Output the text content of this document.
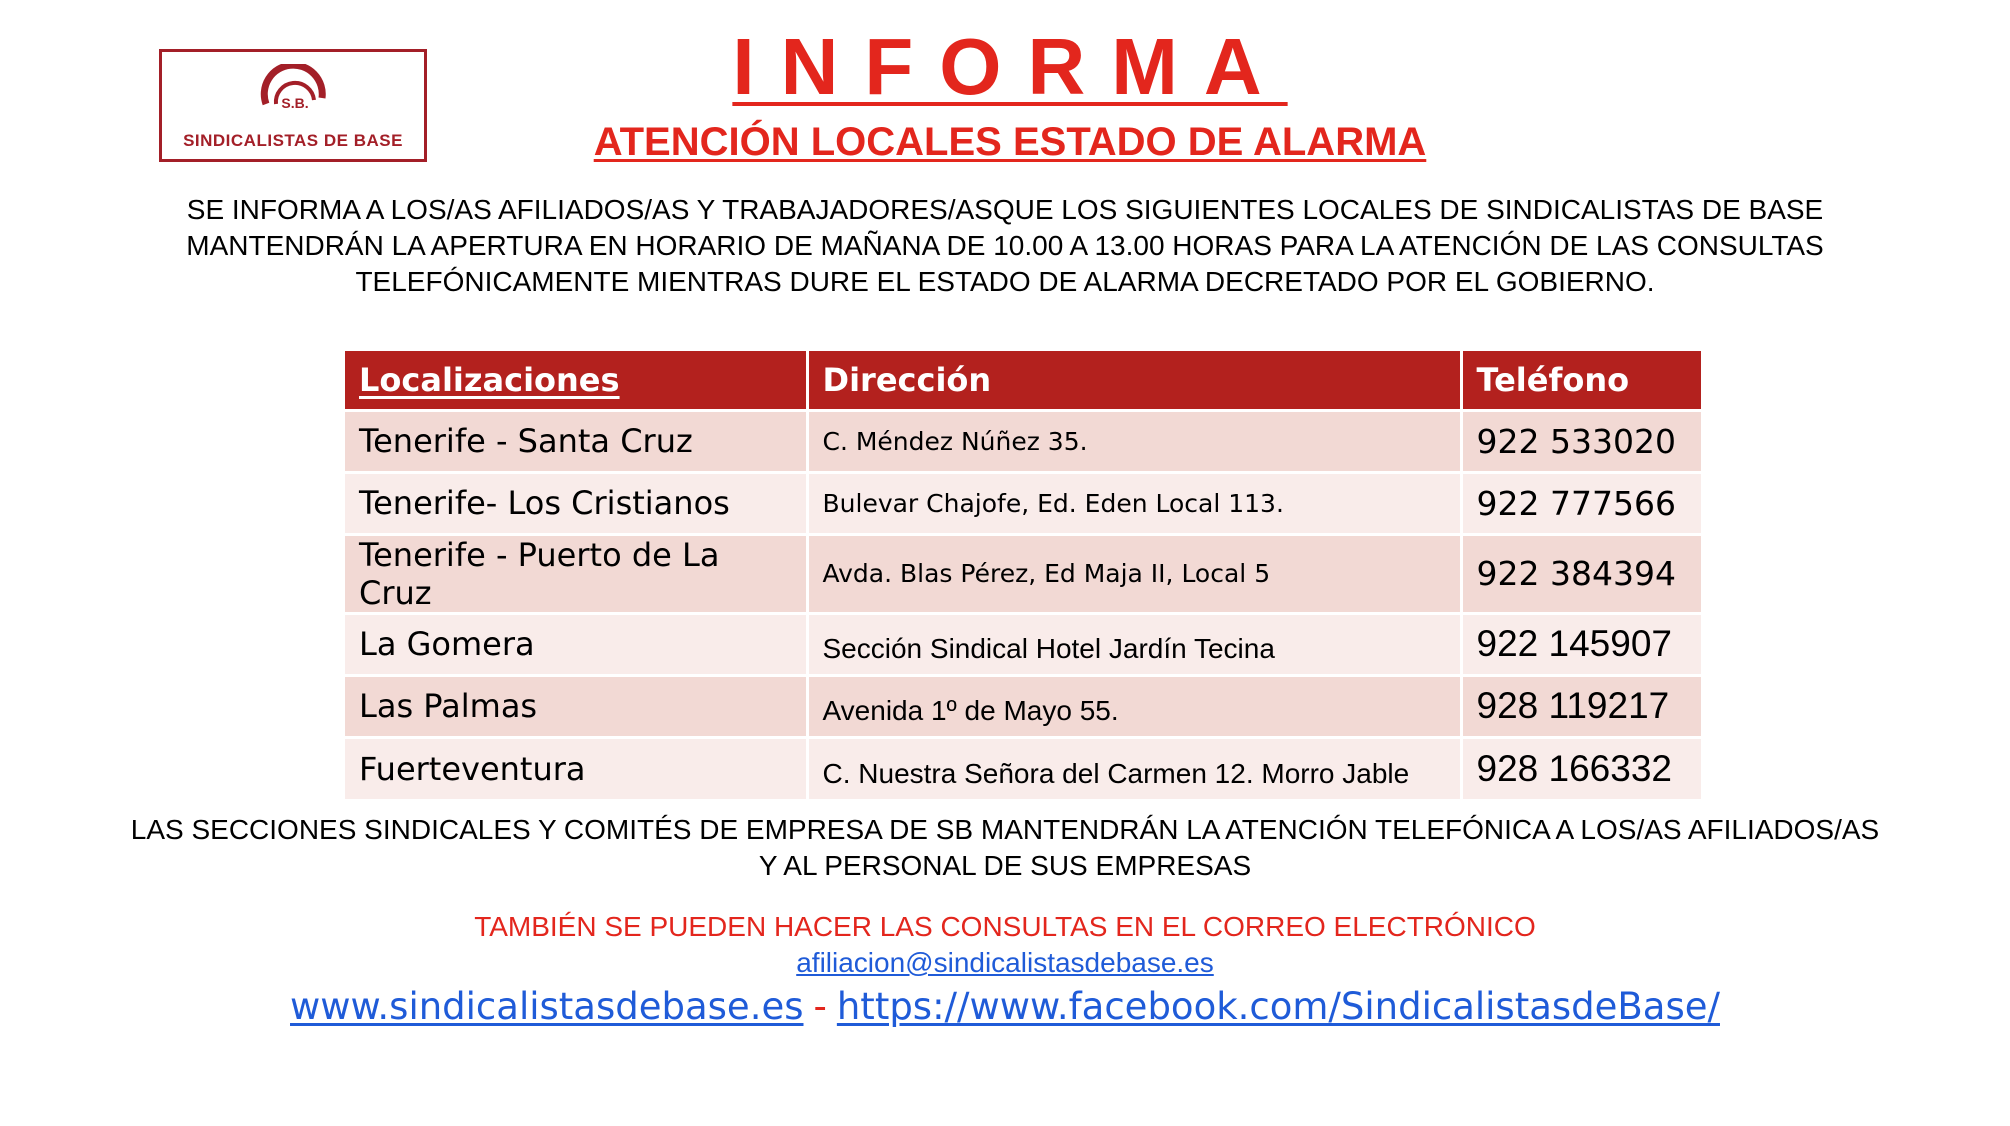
S.B.
SINDICALISTAS DE BASE
INFORMA
ATENCIÓN LOCALES ESTADO DE ALARMA
SE INFORMA A LOS/AS AFILIADOS/AS Y TRABAJADORES/ASQUE LOS SIGUIENTES LOCALES DE SINDICALISTAS DE BASE
MANTENDRÁN LA APERTURA EN HORARIO DE MAÑANA DE 10.00 A 13.00 HORAS PARA LA ATENCIÓN DE LAS CONSULTAS
TELEFÓNICAMENTE MIENTRAS DURE EL ESTADO DE ALARMA DECRETADO POR EL GOBIERNO.
Localizaciones	Dirección	Teléfono
Tenerife - Santa Cruz	C. Méndez Núñez 35.	922 533020
Tenerife- Los Cristianos	Bulevar Chajofe, Ed. Eden Local 113.	922 777566
Tenerife - Puerto de La Cruz	Avda. Blas Pérez, Ed Maja II, Local 5	922 384394
La Gomera	Sección Sindical Hotel Jardín Tecina	922 145907
Las Palmas	Avenida 1º de Mayo 55.	928 119217
Fuerteventura	C. Nuestra Señora del Carmen 12. Morro Jable	928 166332
LAS SECCIONES SINDICALES Y COMITÉS DE EMPRESA DE SB MANTENDRÁN LA ATENCIÓN TELEFÓNICA A LOS/AS AFILIADOS/AS
Y AL PERSONAL DE SUS EMPRESAS
TAMBIÉN SE PUEDEN HACER LAS CONSULTAS EN EL CORREO ELECTRÓNICO
afiliacion@sindicalistasdebase.es
www.sindicalistasdebase.es - https://www.facebook.com/SindicalistasdeBase/
